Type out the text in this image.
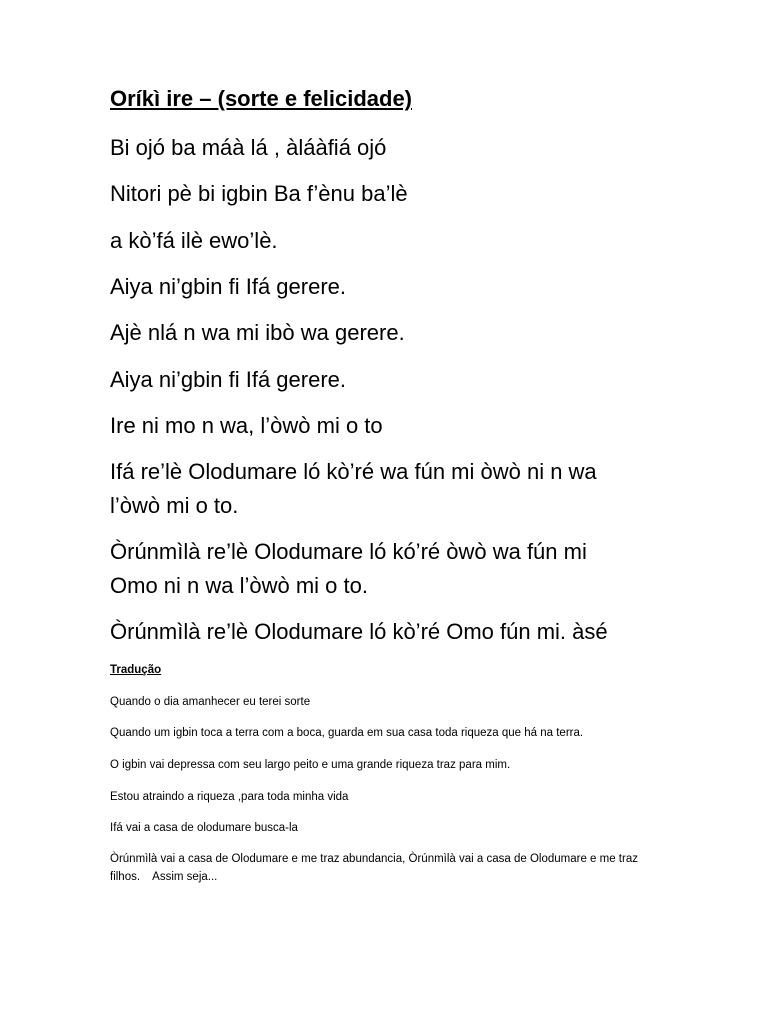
Oríkì ire – (sorte e felicidade)
Bi ojó ba máà lá , àláàfiá ojó
Nitori pè bi igbin Ba f’ènu ba’lè
a kò’fá ilè ewo’lè.
Aiya ni’gbin fi Ifá gerere.
Ajè nlá n wa mi ibò wa gerere.
Aiya ni’gbin fi Ifá gerere.
Ire ni mo n wa, l’òwò mi o to
Ifá re’lè Olodumare ló kò’ré wa fún mi òwò ni n wa
l’òwò mi o to.
Òrúnmìlà re’lè Olodumare ló kó’ré òwò wa fún mi
Omo ni n wa l’òwò mi o to.
Òrúnmìlà re’lè Olodumare ló kò’ré Omo fún mi. àsé
Tradução
Quando o dia amanhecer eu terei sorte
Quando um igbin toca a terra com a boca, guarda em sua casa toda riqueza que há na terra.
O igbin vai depressa com seu largo peito e uma grande riqueza traz para mim.
Estou atraindo a riqueza ,para toda minha vida
Ifá vai a casa de olodumare busca-la
Òrúnmìlà vai a casa de Olodumare e me traz abundancia, Òrúnmìlà vai a casa de Olodumare e me traz filhos.    Assim seja...
